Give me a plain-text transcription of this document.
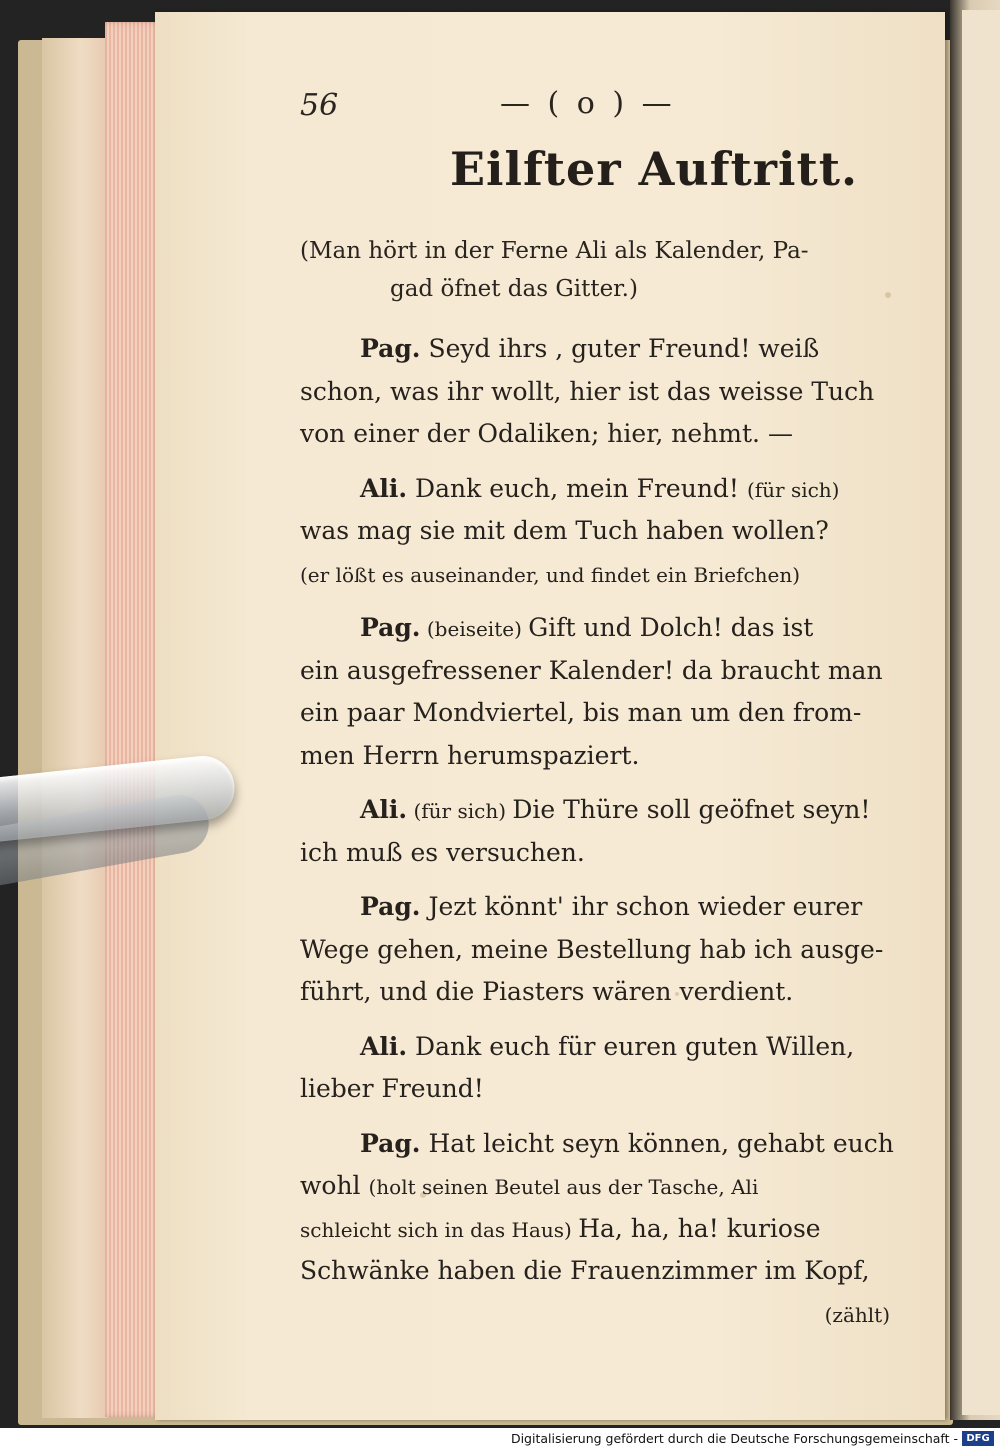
56	— ( o ) —
Eilfter Auftritt.
(Man hört in der Ferne Ali als Kalender, Pa-
gad öfnet das Gitter.)
Pag. Seyd ihrs , guter Freund! weiß
schon, was ihr wollt, hier ist das weisse Tuch
von einer der Odaliken; hier, nehmt. —
Ali. Dank euch, mein Freund! (für sich)
was mag sie mit dem Tuch haben wollen?
(er lößt es auseinander, und findet ein Briefchen)
Pag. (beiseite) Gift und Dolch! das ist
ein ausgefressener Kalender! da braucht man
ein paar Mondviertel, bis man um den from-
men Herrn herumspaziert.
Ali. (für sich) Die Thüre soll geöfnet seyn!
ich muß es versuchen.
Pag. Jezt könnt' ihr schon wieder eurer
Wege gehen, meine Bestellung hab ich ausge-
führt, und die Piasters wären verdient.
Ali. Dank euch für euren guten Willen,
lieber Freund!
Pag. Hat leicht seyn können, gehabt euch
wohl (holt seinen Beutel aus der Tasche, Ali
schleicht sich in das Haus) Ha, ha, ha! kuriose
Schwänke haben die Frauenzimmer im Kopf,
(zählt)
Digitalisierung gefördert durch die Deutsche Forschungsgemeinschaft - DFG
